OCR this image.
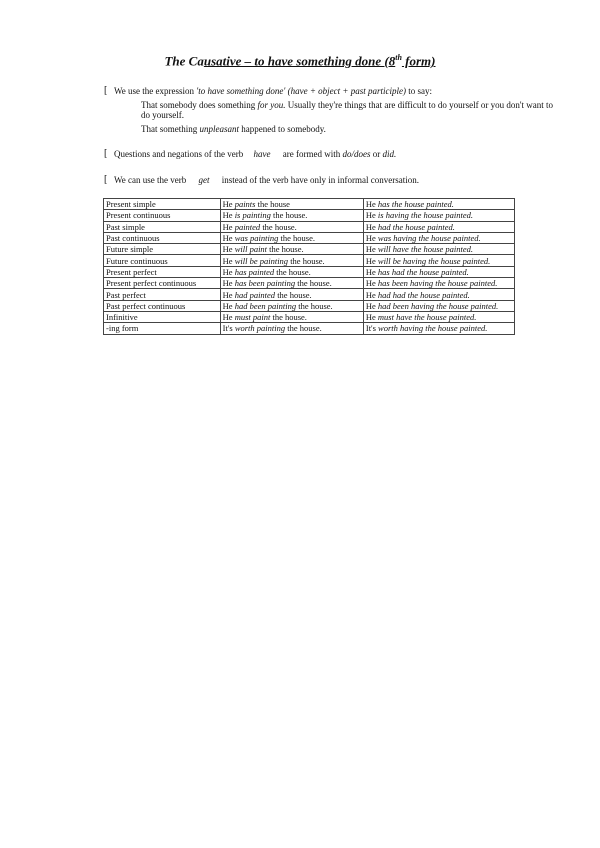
The Causative – to have something done (8th form)
[ We use the expression 'to have something done' (have + object + past participle) to say:
That somebody does something for you. Usually they're things that are difficult to do yourself or you don't want to do yourself.
That something unpleasant happened to somebody.
[ Questions and negations of the verb have are formed with do/does or did.
[ We can use the verb get instead of the verb have only in informal conversation.
Present simple	He paints the house	He has the house painted.
Present continuous	He is painting the house.	He is having the house painted.
Past simple	He painted the house.	He had the house painted.
Past continuous	He was painting the house.	He was having the house painted.
Future simple	He will paint the house.	He will have the house painted.
Future continuous	He will be painting the house.	He will be having the house painted.
Present perfect	He has painted the house.	He has had the house painted.
Present perfect continuous	He has been painting the house.	He has been having the house painted.
Past perfect	He had painted the house.	He had had the house painted.
Past perfect continuous	He had been painting the house.	He had been having the house painted.
Infinitive	He must paint the house.	He must have the house painted.
-ing form	It's worth painting the house.	It's worth having the house painted.
